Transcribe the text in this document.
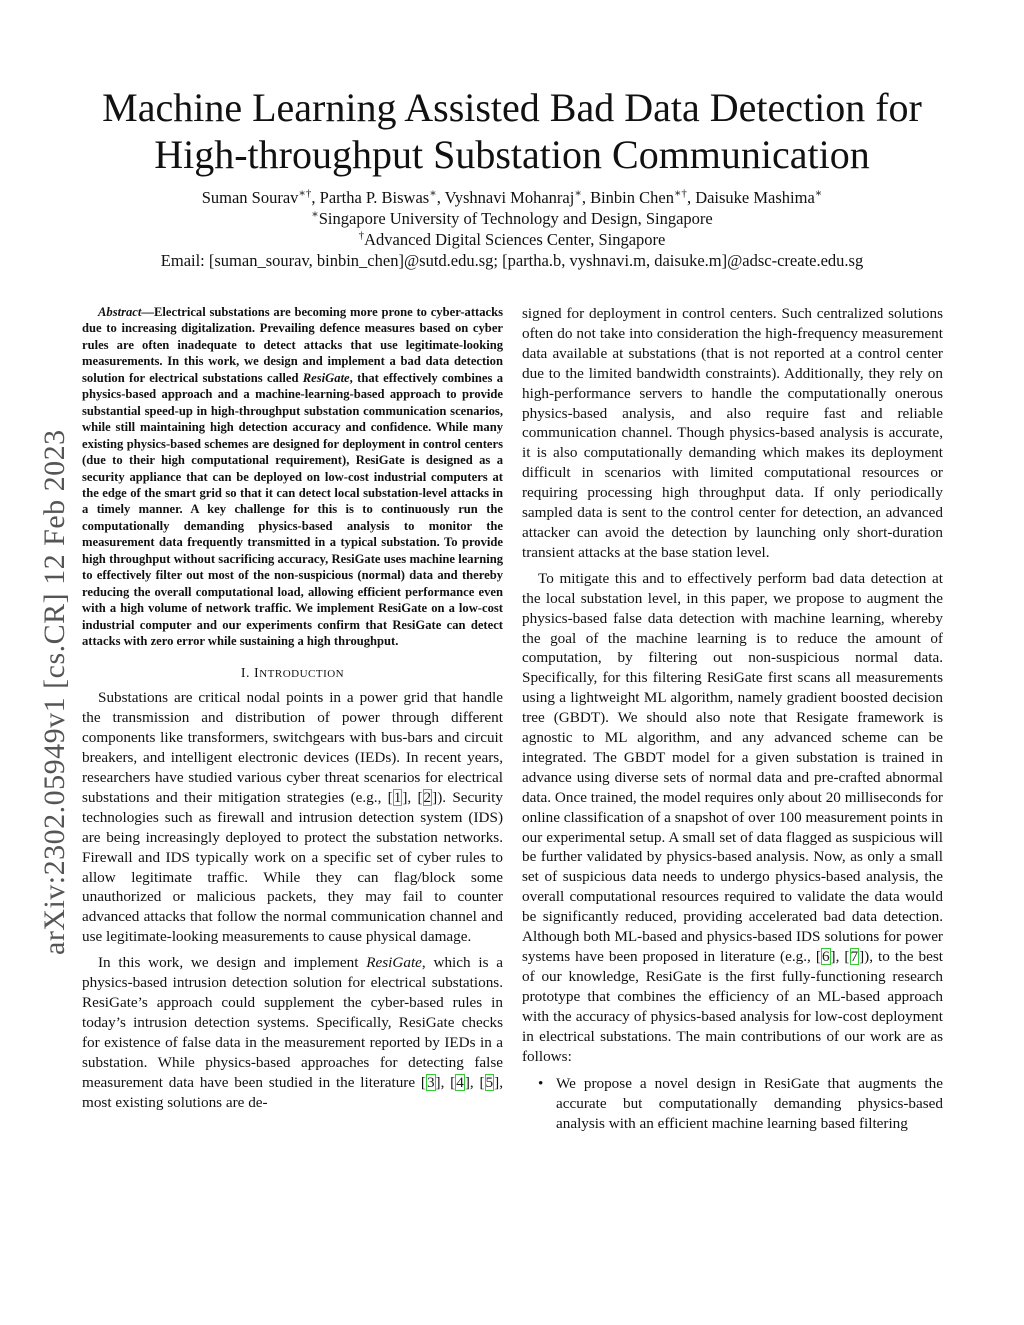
arXiv:2302.05949v1 [cs.CR] 12 Feb 2023
Machine Learning Assisted Bad Data Detection for
High-throughput Substation Communication
Suman Sourav∗†, Partha P. Biswas∗, Vyshnavi Mohanraj∗, Binbin Chen∗†, Daisuke Mashima∗
∗Singapore University of Technology and Design, Singapore
†Advanced Digital Sciences Center, Singapore
Email: [suman_sourav, binbin_chen]@sutd.edu.sg; [partha.b, vyshnavi.m, daisuke.m]@adsc-create.edu.sg

Abstract—Electrical substations are becoming more prone to cyber-attacks due to increasing digitalization. Prevailing defence measures based on cyber rules are often inadequate to detect attacks that use legitimate-looking measurements. In this work, we design and implement a bad data detection solution for electrical substations called ResiGate, that effectively combines a physics-based approach and a machine-learning-based approach to provide substantial speed-up in high-throughput substation communication scenarios, while still maintaining high detection accuracy and confidence. While many existing physics-based schemes are designed for deployment in control centers (due to their high computational requirement), ResiGate is designed as a security appliance that can be deployed on low-cost industrial computers at the edge of the smart grid so that it can detect local substation-level attacks in a timely manner. A key challenge for this is to continuously run the computationally demanding physics-based analysis to monitor the measurement data frequently transmitted in a typical substation. To provide high throughput without sacrificing accuracy, ResiGate uses machine learning to effectively filter out most of the non-suspicious (normal) data and thereby reducing the overall computational load, allowing efficient performance even with a high volume of network traffic. We implement ResiGate on a low-cost industrial computer and our experiments confirm that ResiGate can detect attacks with zero error while sustaining a high throughput.

I. INTRODUCTION

Substations are critical nodal points in a power grid that handle the transmission and distribution of power through different components like transformers, switchgears with bus-bars and circuit breakers, and intelligent electronic devices (IEDs). In recent years, researchers have studied various cyber threat scenarios for electrical substations and their mitigation strategies (e.g., [1], [2]). Security technologies such as firewall and intrusion detection system (IDS) are being increasingly deployed to protect the substation networks. Firewall and IDS typically work on a specific set of cyber rules to allow legitimate traffic. While they can flag/block some unauthorized or malicious packets, they may fail to counter advanced attacks that follow the normal communication channel and use legitimate-looking measurements to cause physical damage.

In this work, we design and implement ResiGate, which is a physics-based intrusion detection solution for electrical substations. ResiGate’s approach could supplement the cyber-based rules in today’s intrusion detection systems. Specifically, ResiGate checks for existence of false data in the measurement reported by IEDs in a substation. While physics-based approaches for detecting false measurement data have been studied in the literature [3], [4], [5], most existing solutions are de-

signed for deployment in control centers. Such centralized solutions often do not take into consideration the high-frequency measurement data available at substations (that is not reported at a control center due to the limited bandwidth constraints). Additionally, they rely on high-performance servers to handle the computationally onerous physics-based analysis, and also require fast and reliable communication channel. Though physics-based analysis is accurate, it is also computationally demanding which makes its deployment difficult in scenarios with limited computational resources or requiring processing high throughput data. If only periodically sampled data is sent to the control center for detection, an advanced attacker can avoid the detection by launching only short-duration transient attacks at the base station level.

To mitigate this and to effectively perform bad data detection at the local substation level, in this paper, we propose to augment the physics-based false data detection with machine learning, whereby the goal of the machine learning is to reduce the amount of computation, by filtering out non-suspicious normal data. Specifically, for this filtering ResiGate first scans all measurements using a lightweight ML algorithm, namely gradient boosted decision tree (GBDT). We should also note that Resigate framework is agnostic to ML algorithm, and any advanced scheme can be integrated. The GBDT model for a given substation is trained in advance using diverse sets of normal data and pre-crafted abnormal data. Once trained, the model requires only about 20 milliseconds for online classification of a snapshot of over 100 measurement points in our experimental setup. A small set of data flagged as suspicious will be further validated by physics-based analysis. Now, as only a small set of suspicious data needs to undergo physics-based analysis, the overall computational resources required to validate the data would be significantly reduced, providing accelerated bad data detection. Although both ML-based and physics-based IDS solutions for power systems have been proposed in literature (e.g., [6], [7]), to the best of our knowledge, ResiGate is the first fully-functioning research prototype that combines the efficiency of an ML-based approach with the accuracy of physics-based analysis for low-cost deployment in electrical substations. The main contributions of our work are as follows:

• We propose a novel design in ResiGate that augments the accurate but computationally demanding physics-based analysis with an efficient machine learning based filtering
